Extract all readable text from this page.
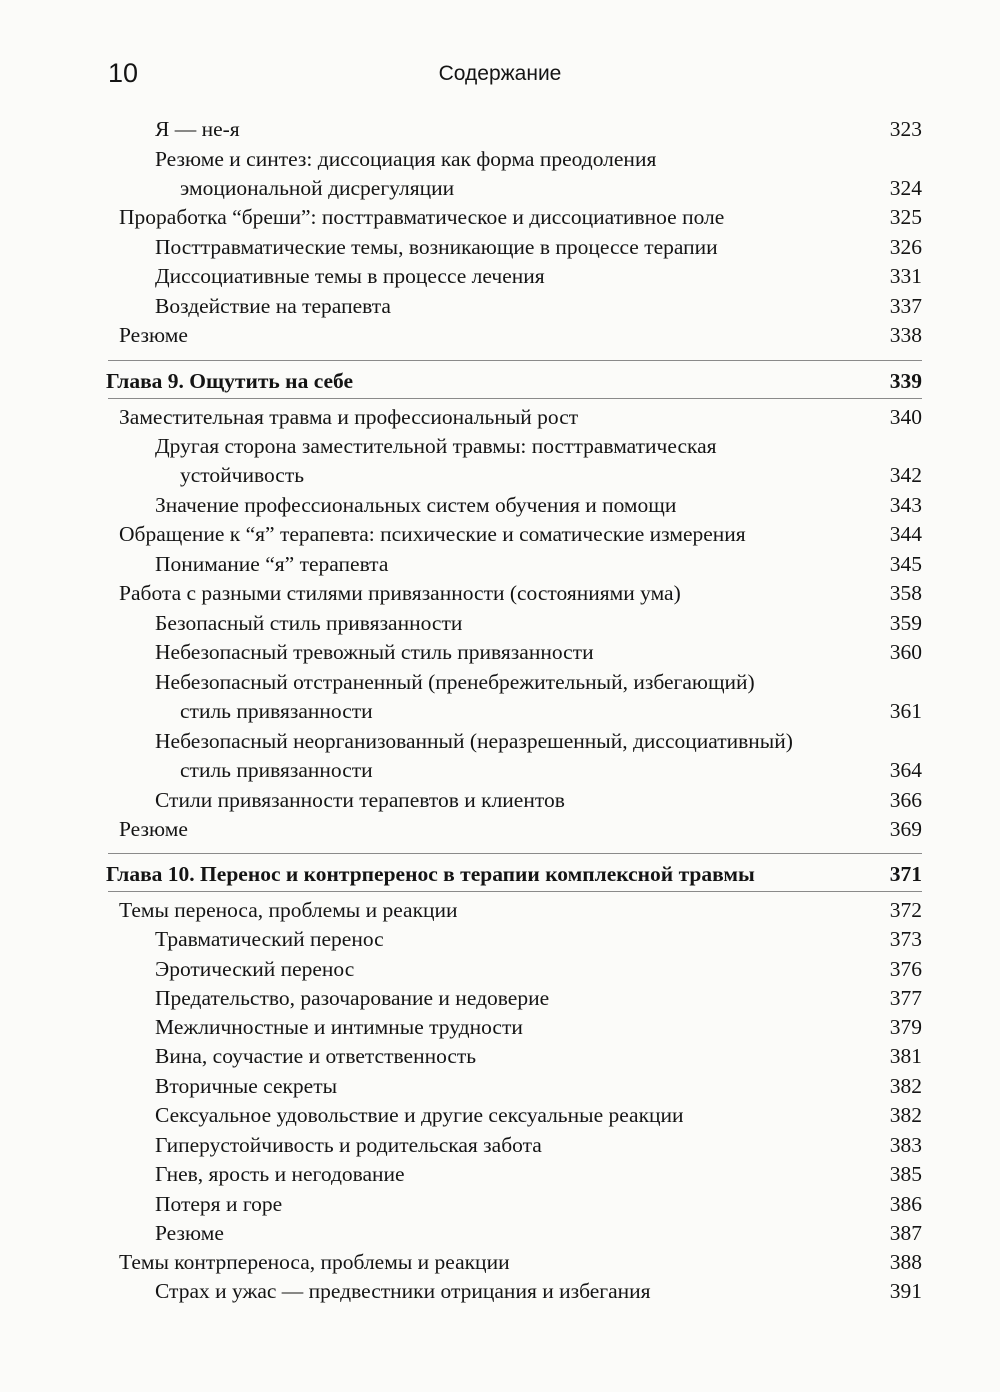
10	Содержание
Я — не-я	323
Резюме и синтез: диссоциация как форма преодоления
эмоциональной дисрегуляции	324
Проработка “бреши”: посттравматическое и диссоциативное поле	325
Посттравматические темы, возникающие в процессе терапии	326
Диссоциативные темы в процессе лечения	331
Воздействие на терапевта	337
Резюме	338
Глава 9. Ощутить на себе	339
Заместительная травма и профессиональный рост	340
Другая сторона заместительной травмы: посттравматическая
устойчивость	342
Значение профессиональных систем обучения и помощи	343
Обращение к “я” терапевта: психические и соматические измерения	344
Понимание “я” терапевта	345
Работа с разными стилями привязанности (состояниями ума)	358
Безопасный стиль привязанности	359
Небезопасный тревожный стиль привязанности	360
Небезопасный отстраненный (пренебрежительный, избегающий)
стиль привязанности	361
Небезопасный неорганизованный (неразрешенный, диссоциативный)
стиль привязанности	364
Стили привязанности терапевтов и клиентов	366
Резюме	369
Глава 10. Перенос и контрперенос в терапии комплексной травмы	371
Темы переноса, проблемы и реакции	372
Травматический перенос	373
Эротический перенос	376
Предательство, разочарование и недоверие	377
Межличностные и интимные трудности	379
Вина, соучастие и ответственность	381
Вторичные секреты	382
Сексуальное удовольствие и другие сексуальные реакции	382
Гиперустойчивость и родительская забота	383
Гнев, ярость и негодование	385
Потеря и горе	386
Резюме	387
Темы контрпереноса, проблемы и реакции	388
Страх и ужас — предвестники отрицания и избегания	391
